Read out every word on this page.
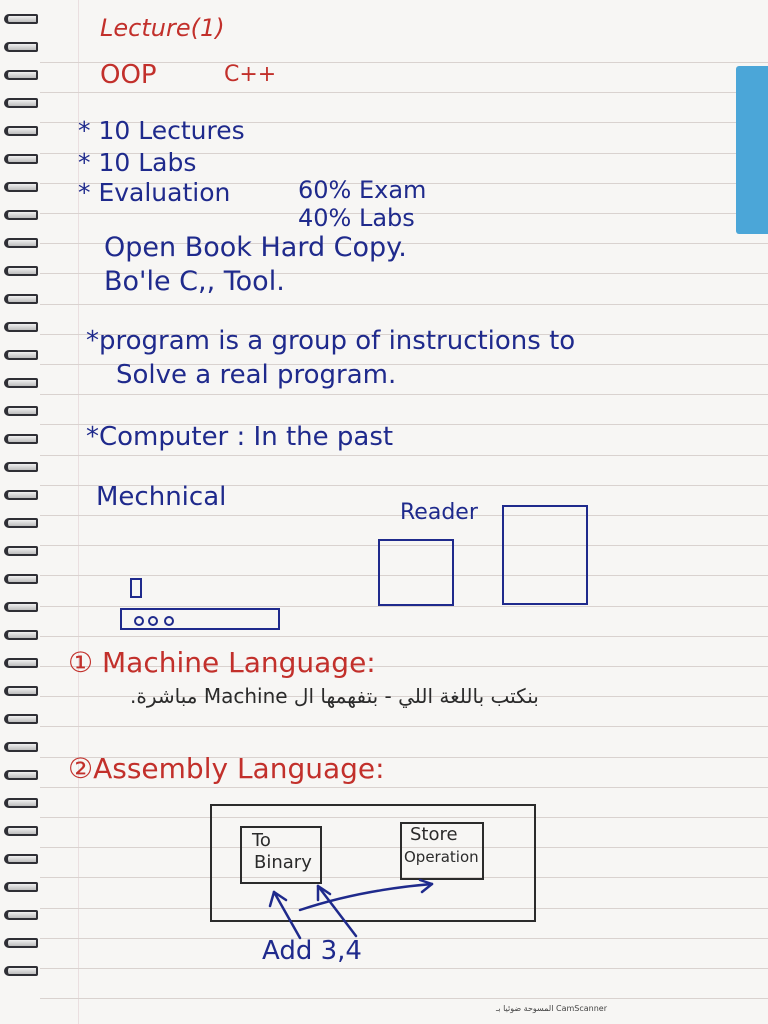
Lecture(1)
OOP	C++
* 10 Lectures
* 10 Labs
* Evaluation	60% Exam
40% Labs
Open Book Hard Copy.
Bo'le C,, Tool.
*program is a group of instructions to
Solve a real program.
*Computer : In the past
Mechnical
Reader
① Machine Language:
بنكتب باللغة اللي - بتفهمها ال Machine مباشرة.
②Assembly Language:
To
Binary
Store
Operation
Add 3,4
CamScanner المسوحة ضوئيا بـ
